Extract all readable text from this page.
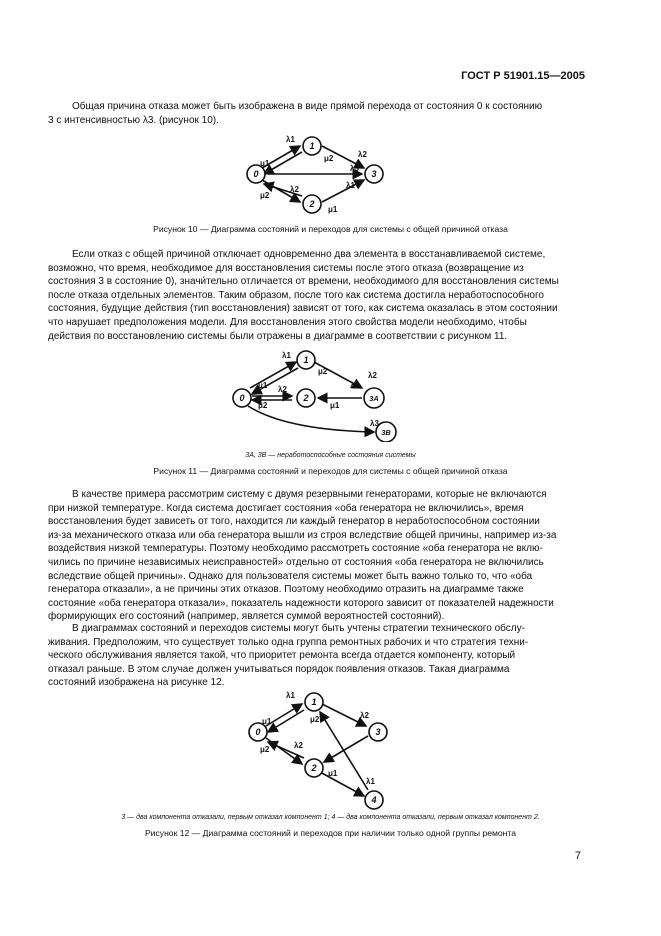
ГОСТ Р 51901.15—2005

Общая причина отказа может быть изображена в виде прямой перехода от состояния 0 к состоянию

3 с интенсивностью λ3. (рисунок 10).
0
1
2
3
λ1
μ1
μ2	λ2
λ3
λ1
μ2
λ2
μ1
Рисунок 10 — Диаграмма состояний и переходов для системы с общей причиной отказа

Если отказ с общей причиной отключает одновременно два элемента в восстанавливаемой системе,

возможно, что время, необходимое для восстановления системы после этого отказа (возвращение из
состояния 3 в состояние 0), значи́тельно отличается от времени, необходимого для восстановления системы
после отказа отдельных элементов. Таким образом, после того как система достигла неработоспособного
состояния, будущие действия (тип восстановления) зависят от того, как система оказалась в этом состоянии
что нарушает предположения модели. Для восстановления этого свойства модели необходимо, чтобы
действия по восстановлению системы были отражены в диаграмме в соответствии с рисунком 11.
0
1
2	3A
3B
λ1
μ1
μ2	λ2
λ1
λ2
μ2	μ1
λ3
3A, 3B — неработоспособные состояния системы
Рисунок 11 — Диаграмма состояний и переходов для системы с общей причиной отказа

В качестве примера рассмотрим систему с двумя резервными генераторами, которые не включаются

при низкой температуре. Когда система достигает состояния «оба генератора не включились», время
восстановления будет зависеть от того, находится ли каждый генератор в неработоспособном состоянии
из-за механического отказа или оба генератора вышли из строя вследствие общей причины, например из-за
воздействия низкой температуры. Поэтому необходимо рассмотреть состояние «оба генератора не вклю-
чились по причине независимых неисправностей» отдельно от состояния «оба генератора не включились
вследствие общей причины». Однако для пользователя системы может быть важно только то, что «оба
генератора отказали», а не причины этих отказов. Поэтому необходимо отразить на диаграмме также
состояние «оба генератора отказали», показатель надежности которого зависит от показателей надежности
формирующих его состояний (например, является суммой вероятностей состояний).

В диаграммах состояний и переходов системы могут быть учтены стратегии технического обслу-

живания. Предположим, что существует только одна группа ремонтных рабочих и что стратегия техни-
ческого обслуживания является такой, что приоритет ремонта всегда отдается компоненту, который
отказал раньше. В этом случае должен учитываться порядок появления отказов. Такая диаграмма
состояний изображена на рисунке 12.
0
1
2
3
4
λ1
μ1	μ2	λ2
λ2
μ2
μ1
λ1
3 — два компонента отказали, первым отказал компонент 1; 4 — два компонента отказали, первым отказал компонент 2.
Рисунок 12 — Диаграмма состояний и переходов при наличии только одной группы ремонта
7
